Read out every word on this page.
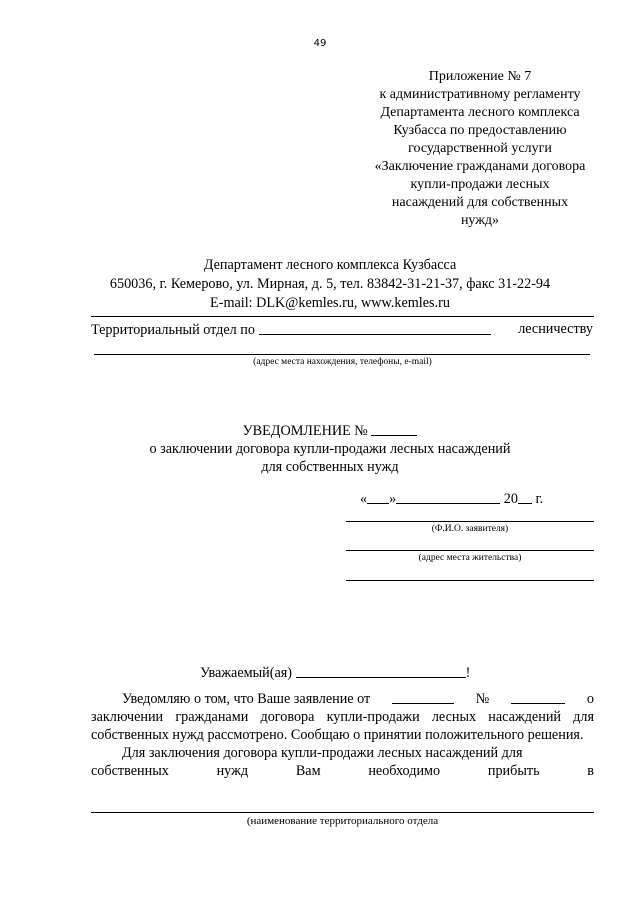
49
Приложение № 7
к административному регламенту
Департамента лесного комплекса
Кузбасса по предоставлению
государственной услуги
«Заключение гражданами договора
купли-продажи лесных
насаждений для собственных
нужд»
Департамент лесного комплекса Кузбасса
650036, г. Кемерово, ул. Мирная, д. 5, тел. 83842-31-21-37, факс 31-22-94
E-mail: DLK@kemles.ru, www.kemles.ru
Территориальный отдел по	лесничеству
(адрес места нахождения, телефоны, e-mail)
УВЕДОМЛЕНИЕ №
о заключении договора купли-продажи лесных насаждений
для собственных нужд
« »	20 г.
(Ф.И.О. заявителя)
(адрес места жительства)
Уважаемый(ая)	!
Уведомляю о том, что Ваше заявление от	№	о

заключении гражданами договора купли-продажи лесных насаждений для собственных нужд рассмотрено. Сообщаю о принятии положительного решения.

Для заключения договора купли-продажи лесных насаждений для
собственных	нужд	Вам	необходимо	прибыть	в
(наименование территориального отдела
